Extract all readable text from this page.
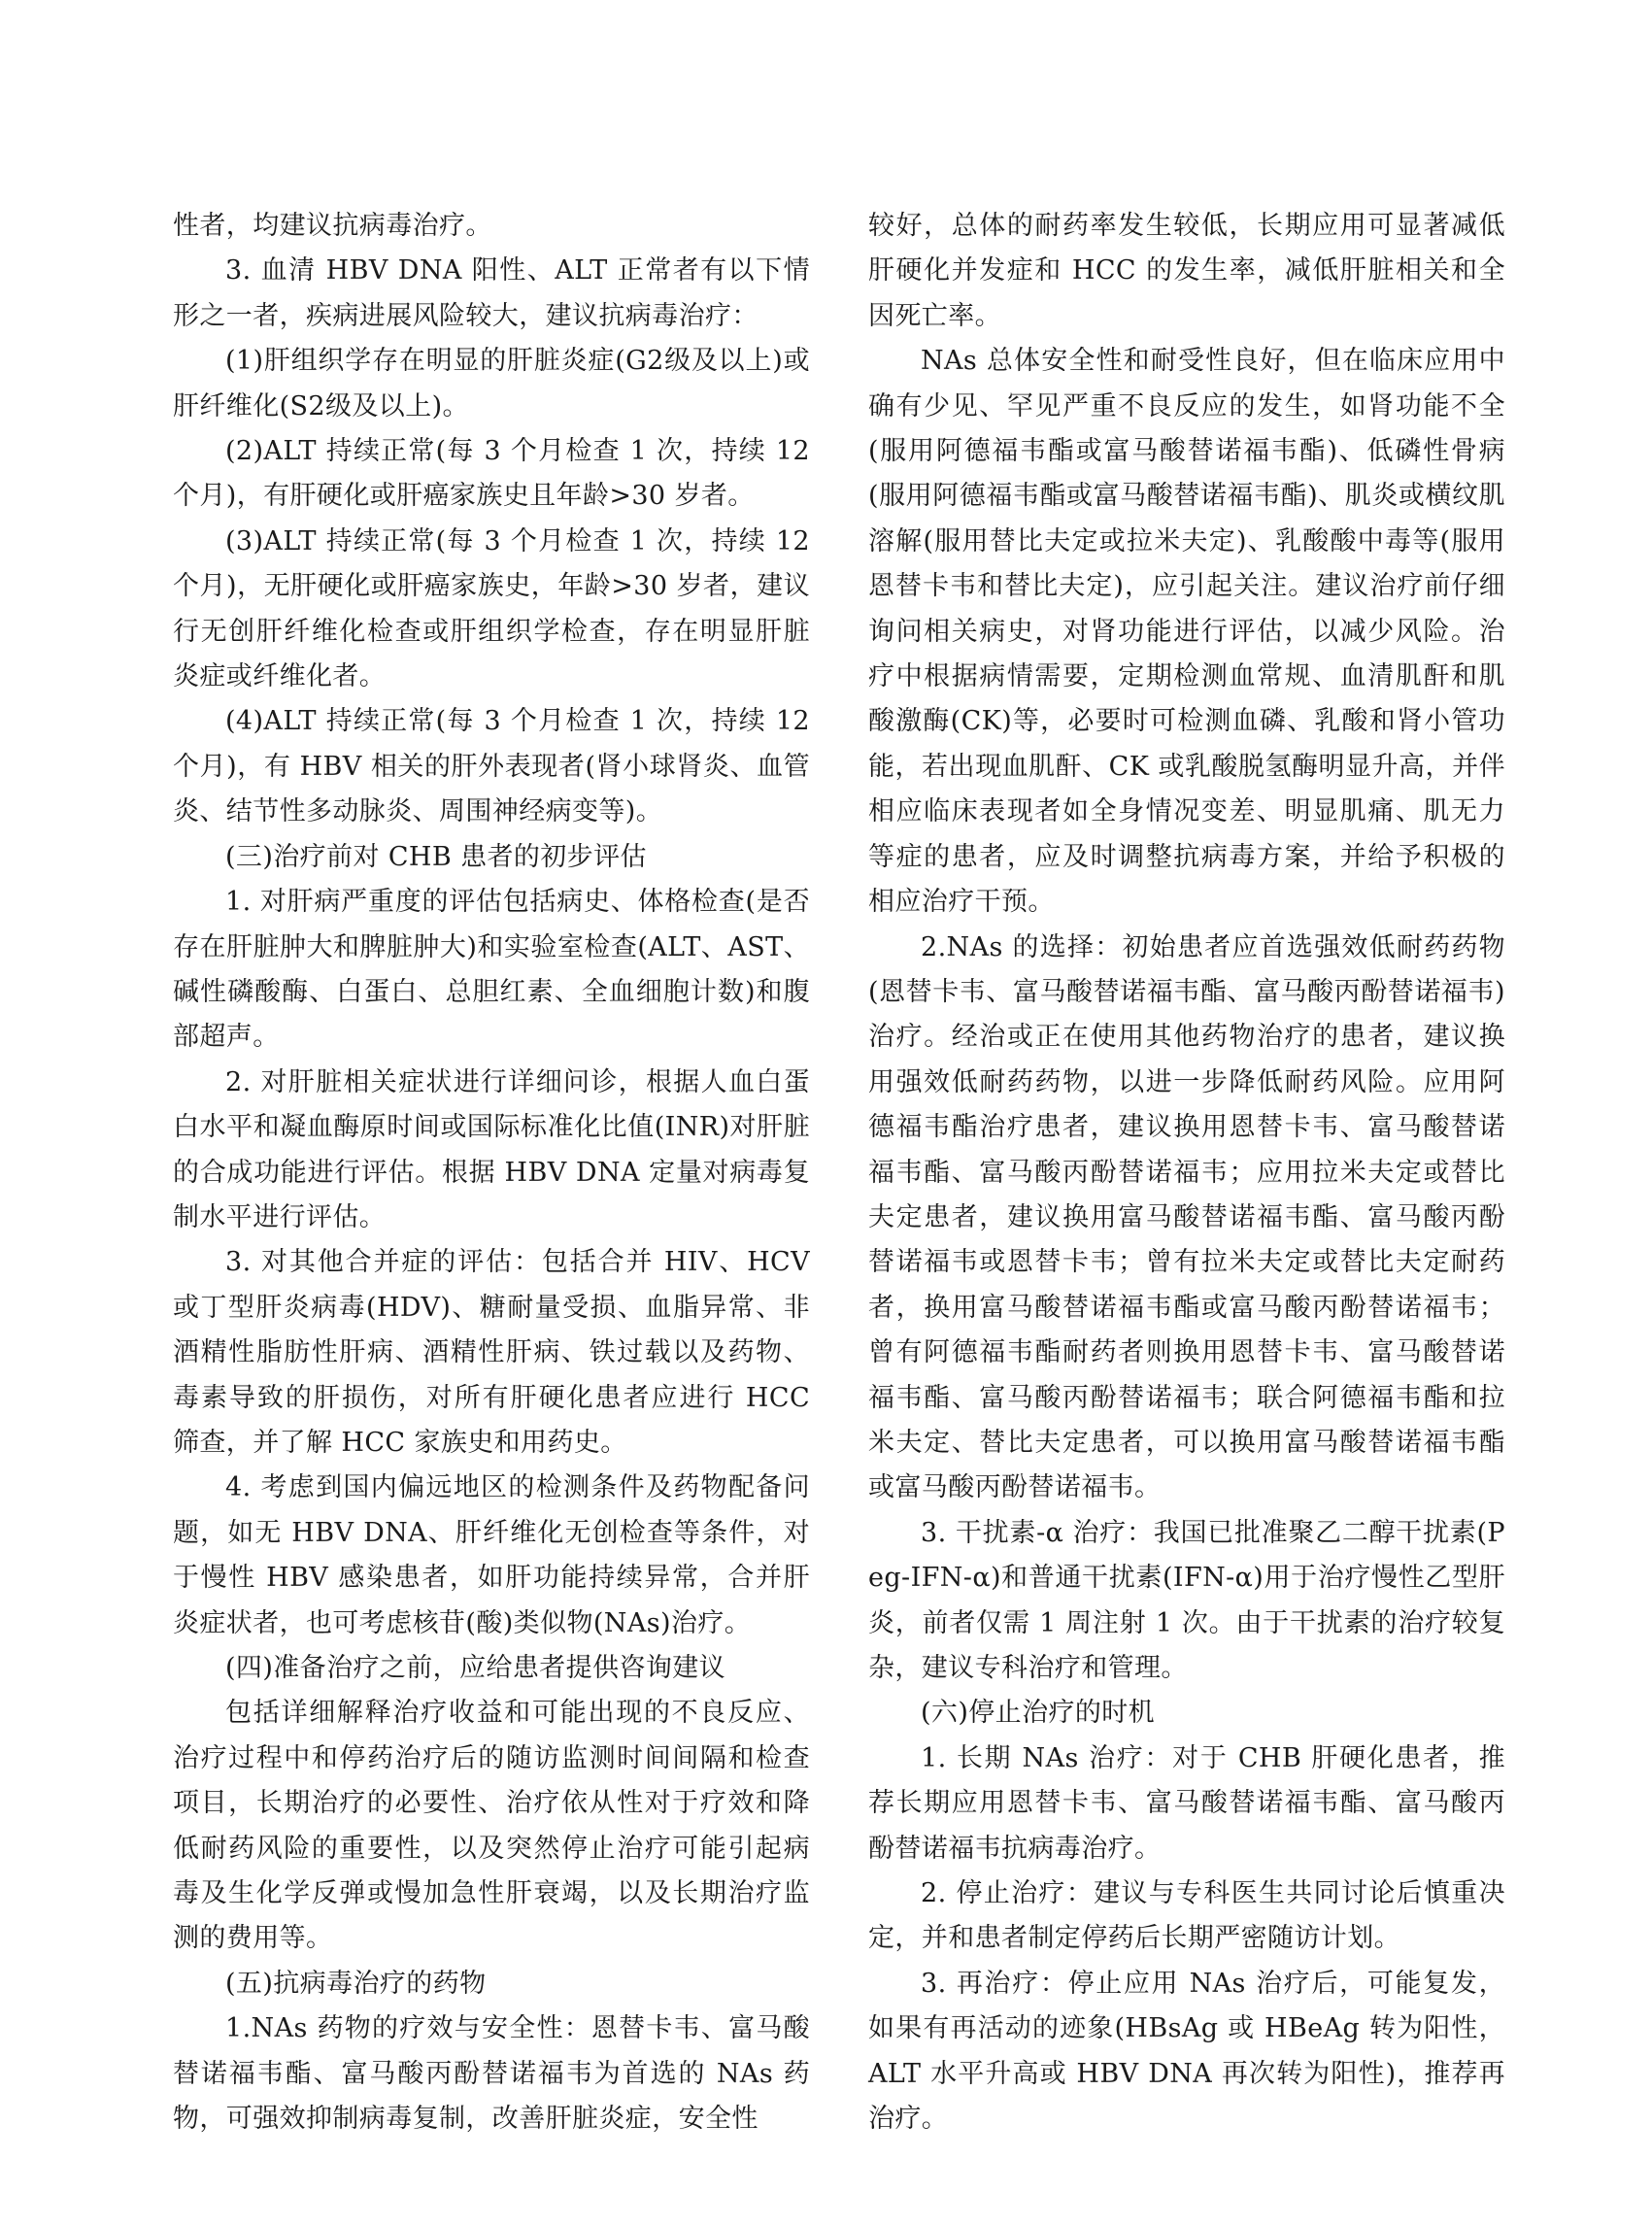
性者，均建议抗病毒治疗。

3. 血清 HBV DNA 阳性、ALT 正常者有以下情形之一者，疾病进展风险较大，建议抗病毒治疗：

(1)肝组织学存在明显的肝脏炎症(G2级及以上)或肝纤维化(S2级及以上)。

(2)ALT 持续正常(每 3 个月检查 1 次，持续 12 个月)，有肝硬化或肝癌家族史且年龄>30 岁者。

(3)ALT 持续正常(每 3 个月检查 1 次，持续 12 个月)，无肝硬化或肝癌家族史，年龄>30 岁者，建议行无创肝纤维化检查或肝组织学检查，存在明显肝脏炎症或纤维化者。

(4)ALT 持续正常(每 3 个月检查 1 次，持续 12 个月)，有 HBV 相关的肝外表现者(肾小球肾炎、血管炎、结节性多动脉炎、周围神经病变等)。

(三)治疗前对 CHB 患者的初步评估

1. 对肝病严重度的评估包括病史、体格检查(是否存在肝脏肿大和脾脏肿大)和实验室检查(ALT、AST、碱性磷酸酶、白蛋白、总胆红素、全血细胞计数)和腹部超声。

2. 对肝脏相关症状进行详细问诊，根据人血白蛋白水平和凝血酶原时间或国际标准化比值(INR)对肝脏的合成功能进行评估。根据 HBV DNA 定量对病毒复制水平进行评估。

3. 对其他合并症的评估：包括合并 HIV、HCV 或丁型肝炎病毒(HDV)、糖耐量受损、血脂异常、非酒精性脂肪性肝病、酒精性肝病、铁过载以及药物、毒素导致的肝损伤，对所有肝硬化患者应进行 HCC 筛查，并了解 HCC 家族史和用药史。

4. 考虑到国内偏远地区的检测条件及药物配备问题，如无 HBV DNA、肝纤维化无创检查等条件，对于慢性 HBV 感染患者，如肝功能持续异常，合并肝炎症状者，也可考虑核苷(酸)类似物(NAs)治疗。

(四)准备治疗之前，应给患者提供咨询建议

包括详细解释治疗收益和可能出现的不良反应、治疗过程中和停药治疗后的随访监测时间间隔和检查项目，长期治疗的必要性、治疗依从性对于疗效和降低耐药风险的重要性，以及突然停止治疗可能引起病毒及生化学反弹或慢加急性肝衰竭，以及长期治疗监测的费用等。

(五)抗病毒治疗的药物

1.NAs 药物的疗效与安全性：恩替卡韦、富马酸替诺福韦酯、富马酸丙酚替诺福韦为首选的 NAs 药物，可强效抑制病毒复制，改善肝脏炎症，安全性

较好，总体的耐药率发生较低，长期应用可显著减低肝硬化并发症和 HCC 的发生率，减低肝脏相关和全因死亡率。

NAs 总体安全性和耐受性良好，但在临床应用中确有少见、罕见严重不良反应的发生，如肾功能不全(服用阿德福韦酯或富马酸替诺福韦酯)、低磷性骨病(服用阿德福韦酯或富马酸替诺福韦酯)、肌炎或横纹肌溶解(服用替比夫定或拉米夫定)、乳酸酸中毒等(服用恩替卡韦和替比夫定)，应引起关注。建议治疗前仔细询问相关病史，对肾功能进行评估，以减少风险。治疗中根据病情需要，定期检测血常规、血清肌酐和肌酸激酶(CK)等，必要时可检测血磷、乳酸和肾小管功能，若出现血肌酐、CK 或乳酸脱氢酶明显升高，并伴相应临床表现者如全身情况变差、明显肌痛、肌无力等症的患者，应及时调整抗病毒方案，并给予积极的相应治疗干预。

2.NAs 的选择：初始患者应首选强效低耐药药物(恩替卡韦、富马酸替诺福韦酯、富马酸丙酚替诺福韦)治疗。经治或正在使用其他药物治疗的患者，建议换用强效低耐药药物，以进一步降低耐药风险。应用阿德福韦酯治疗患者，建议换用恩替卡韦、富马酸替诺福韦酯、富马酸丙酚替诺福韦；应用拉米夫定或替比夫定患者，建议换用富马酸替诺福韦酯、富马酸丙酚替诺福韦或恩替卡韦；曾有拉米夫定或替比夫定耐药者，换用富马酸替诺福韦酯或富马酸丙酚替诺福韦；曾有阿德福韦酯耐药者则换用恩替卡韦、富马酸替诺福韦酯、富马酸丙酚替诺福韦；联合阿德福韦酯和拉米夫定、替比夫定患者，可以换用富马酸替诺福韦酯或富马酸丙酚替诺福韦。

3. 干扰素-α 治疗：我国已批准聚乙二醇干扰素(Peg-IFN-α)和普通干扰素(IFN-α)用于治疗慢性乙型肝炎，前者仅需 1 周注射 1 次。由于干扰素的治疗较复杂，建议专科治疗和管理。

(六)停止治疗的时机

1. 长期 NAs 治疗：对于 CHB 肝硬化患者，推荐长期应用恩替卡韦、富马酸替诺福韦酯、富马酸丙酚替诺福韦抗病毒治疗。

2. 停止治疗：建议与专科医生共同讨论后慎重决定，并和患者制定停药后长期严密随访计划。

3. 再治疗：停止应用 NAs 治疗后，可能复发，如果有再活动的迹象(HBsAg 或 HBeAg 转为阳性，ALT 水平升高或 HBV DNA 再次转为阳性)，推荐再治疗。
